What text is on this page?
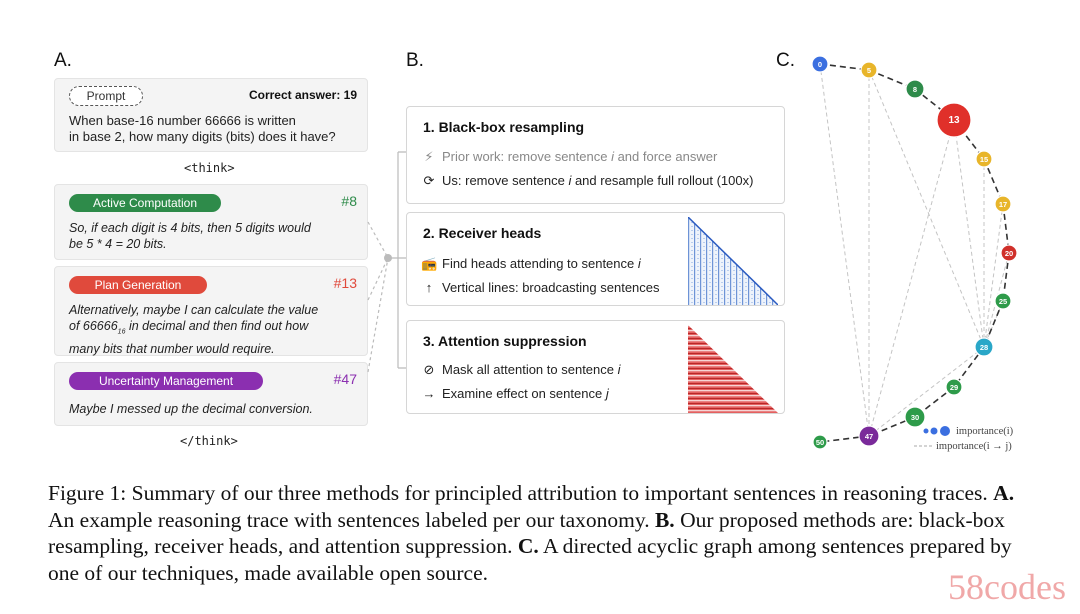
A.	B.	C.
Prompt	Correct answer: 19
When base-16 number 66666 is written
in base 2, how many digits (bits) does it have?
<think>
Active Computation	#8
So, if each digit is 4 bits, then 5 digits would
be 5 * 4 = 20 bits.
Plan Generation	#13
Alternatively, maybe I can calculate the value
of $66666_{16}$ in decimal and then find out how
many bits that number would require.
Uncertainty Management	#47
Maybe I messed up the decimal conversion.
</think>
1. Black-box resampling
⚡ Prior work: remove sentence i and force answer
⟳ Us: remove sentence i and resample full rollout (100x)
2. Receiver heads
📻 Find heads attending to sentence i
↑ Vertical lines: broadcasting sentences
3. Attention suppression
⊘ Mask all attention to sentence i
→ Examine effect on sentence j
0
5
8
13
15
17
20
25
28
29
30
47
50
importance(i)
importance(i → j)
Figure 1: Summary of our three methods for principled attribution to important sentences in reasoning traces. A. An example reasoning trace with sentences labeled per our taxonomy. B. Our proposed methods are: black-box resampling, receiver heads, and attention suppression. C. A directed acyclic graph among sentences prepared by one of our techniques, made available open source.	58codes
